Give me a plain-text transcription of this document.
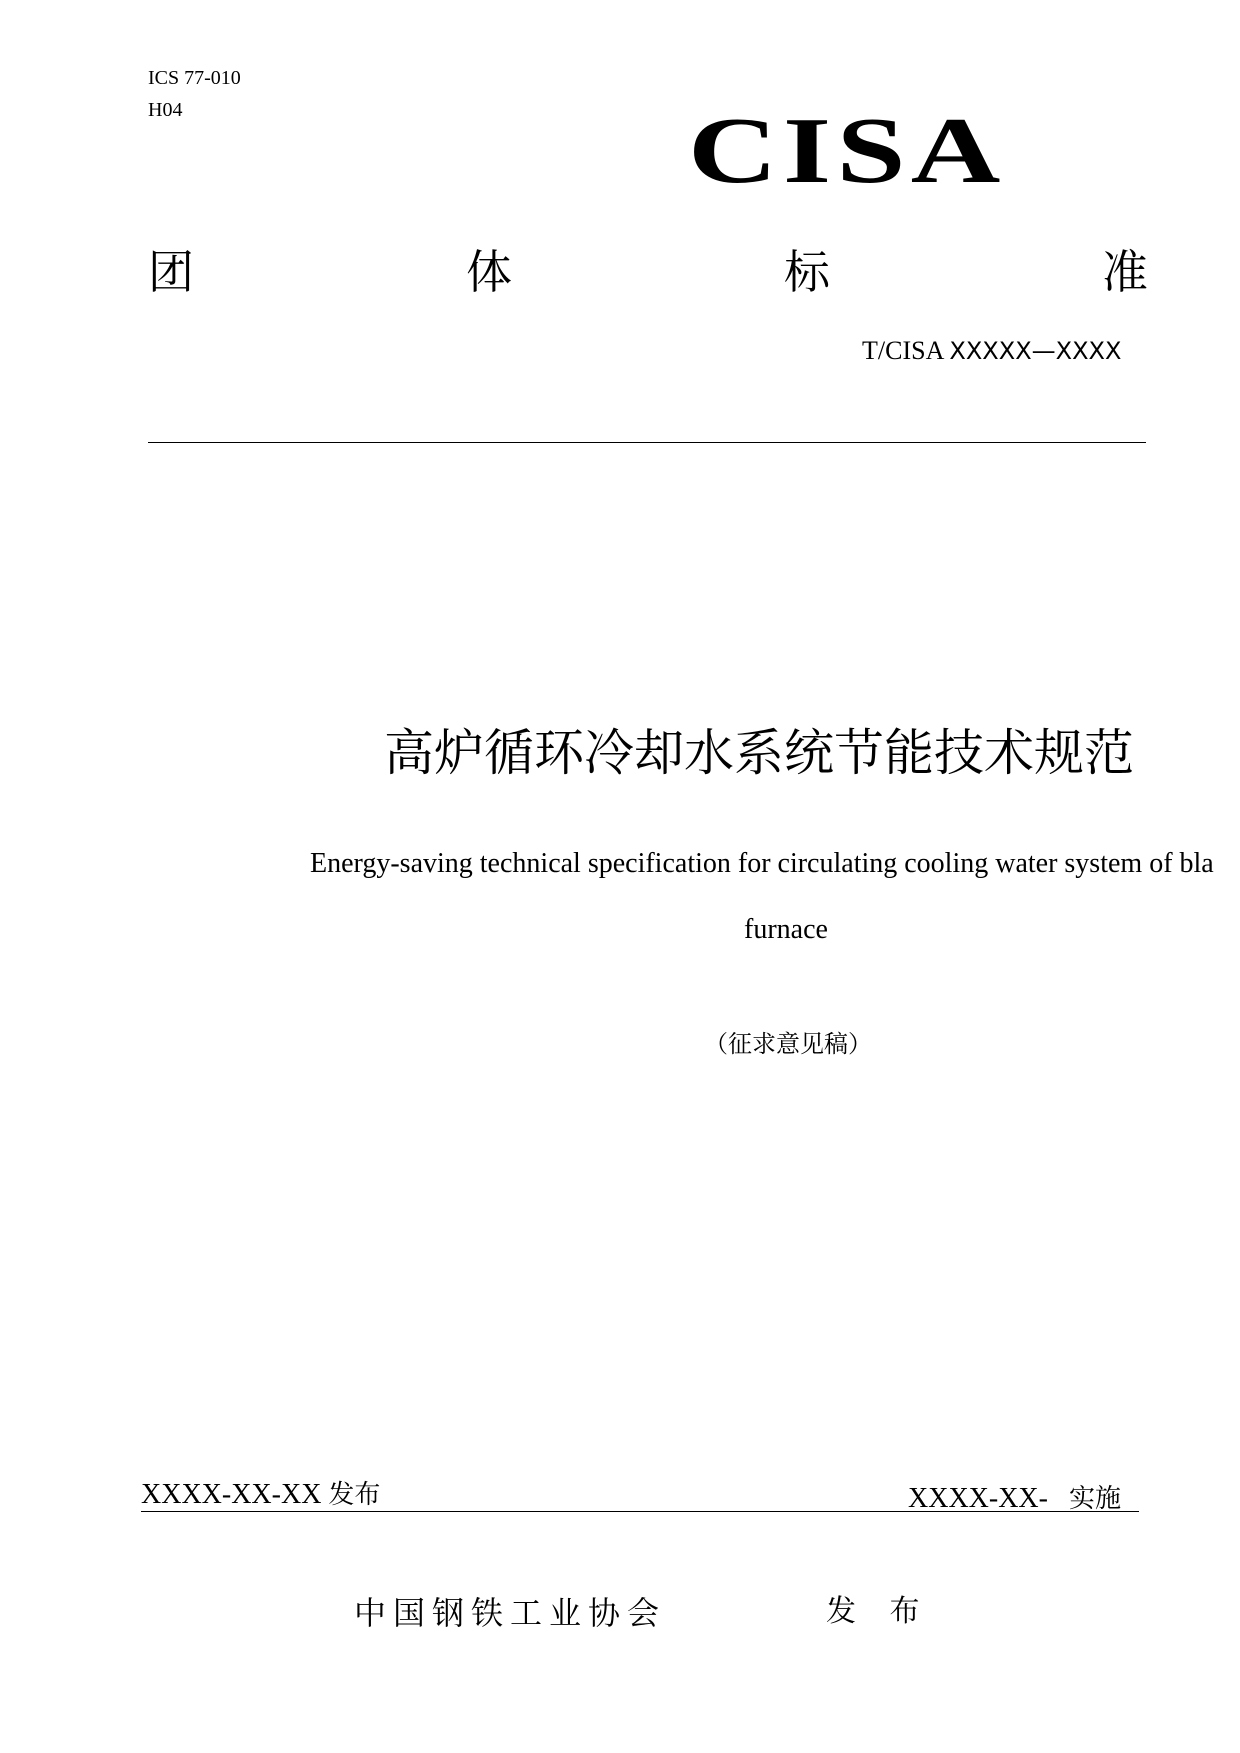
ICS 77-010
H04	CISA
团	体	标	准
T/CISA XXXXX—XXXX
高炉循环冷却水系统节能技术规范
Energy-saving technical specification for circulating cooling water system of bla
furnace
（征求意见稿）
XXXX-XX-XX 发布	XXXX-XX- 实施
中国钢铁工业协会	发 布
